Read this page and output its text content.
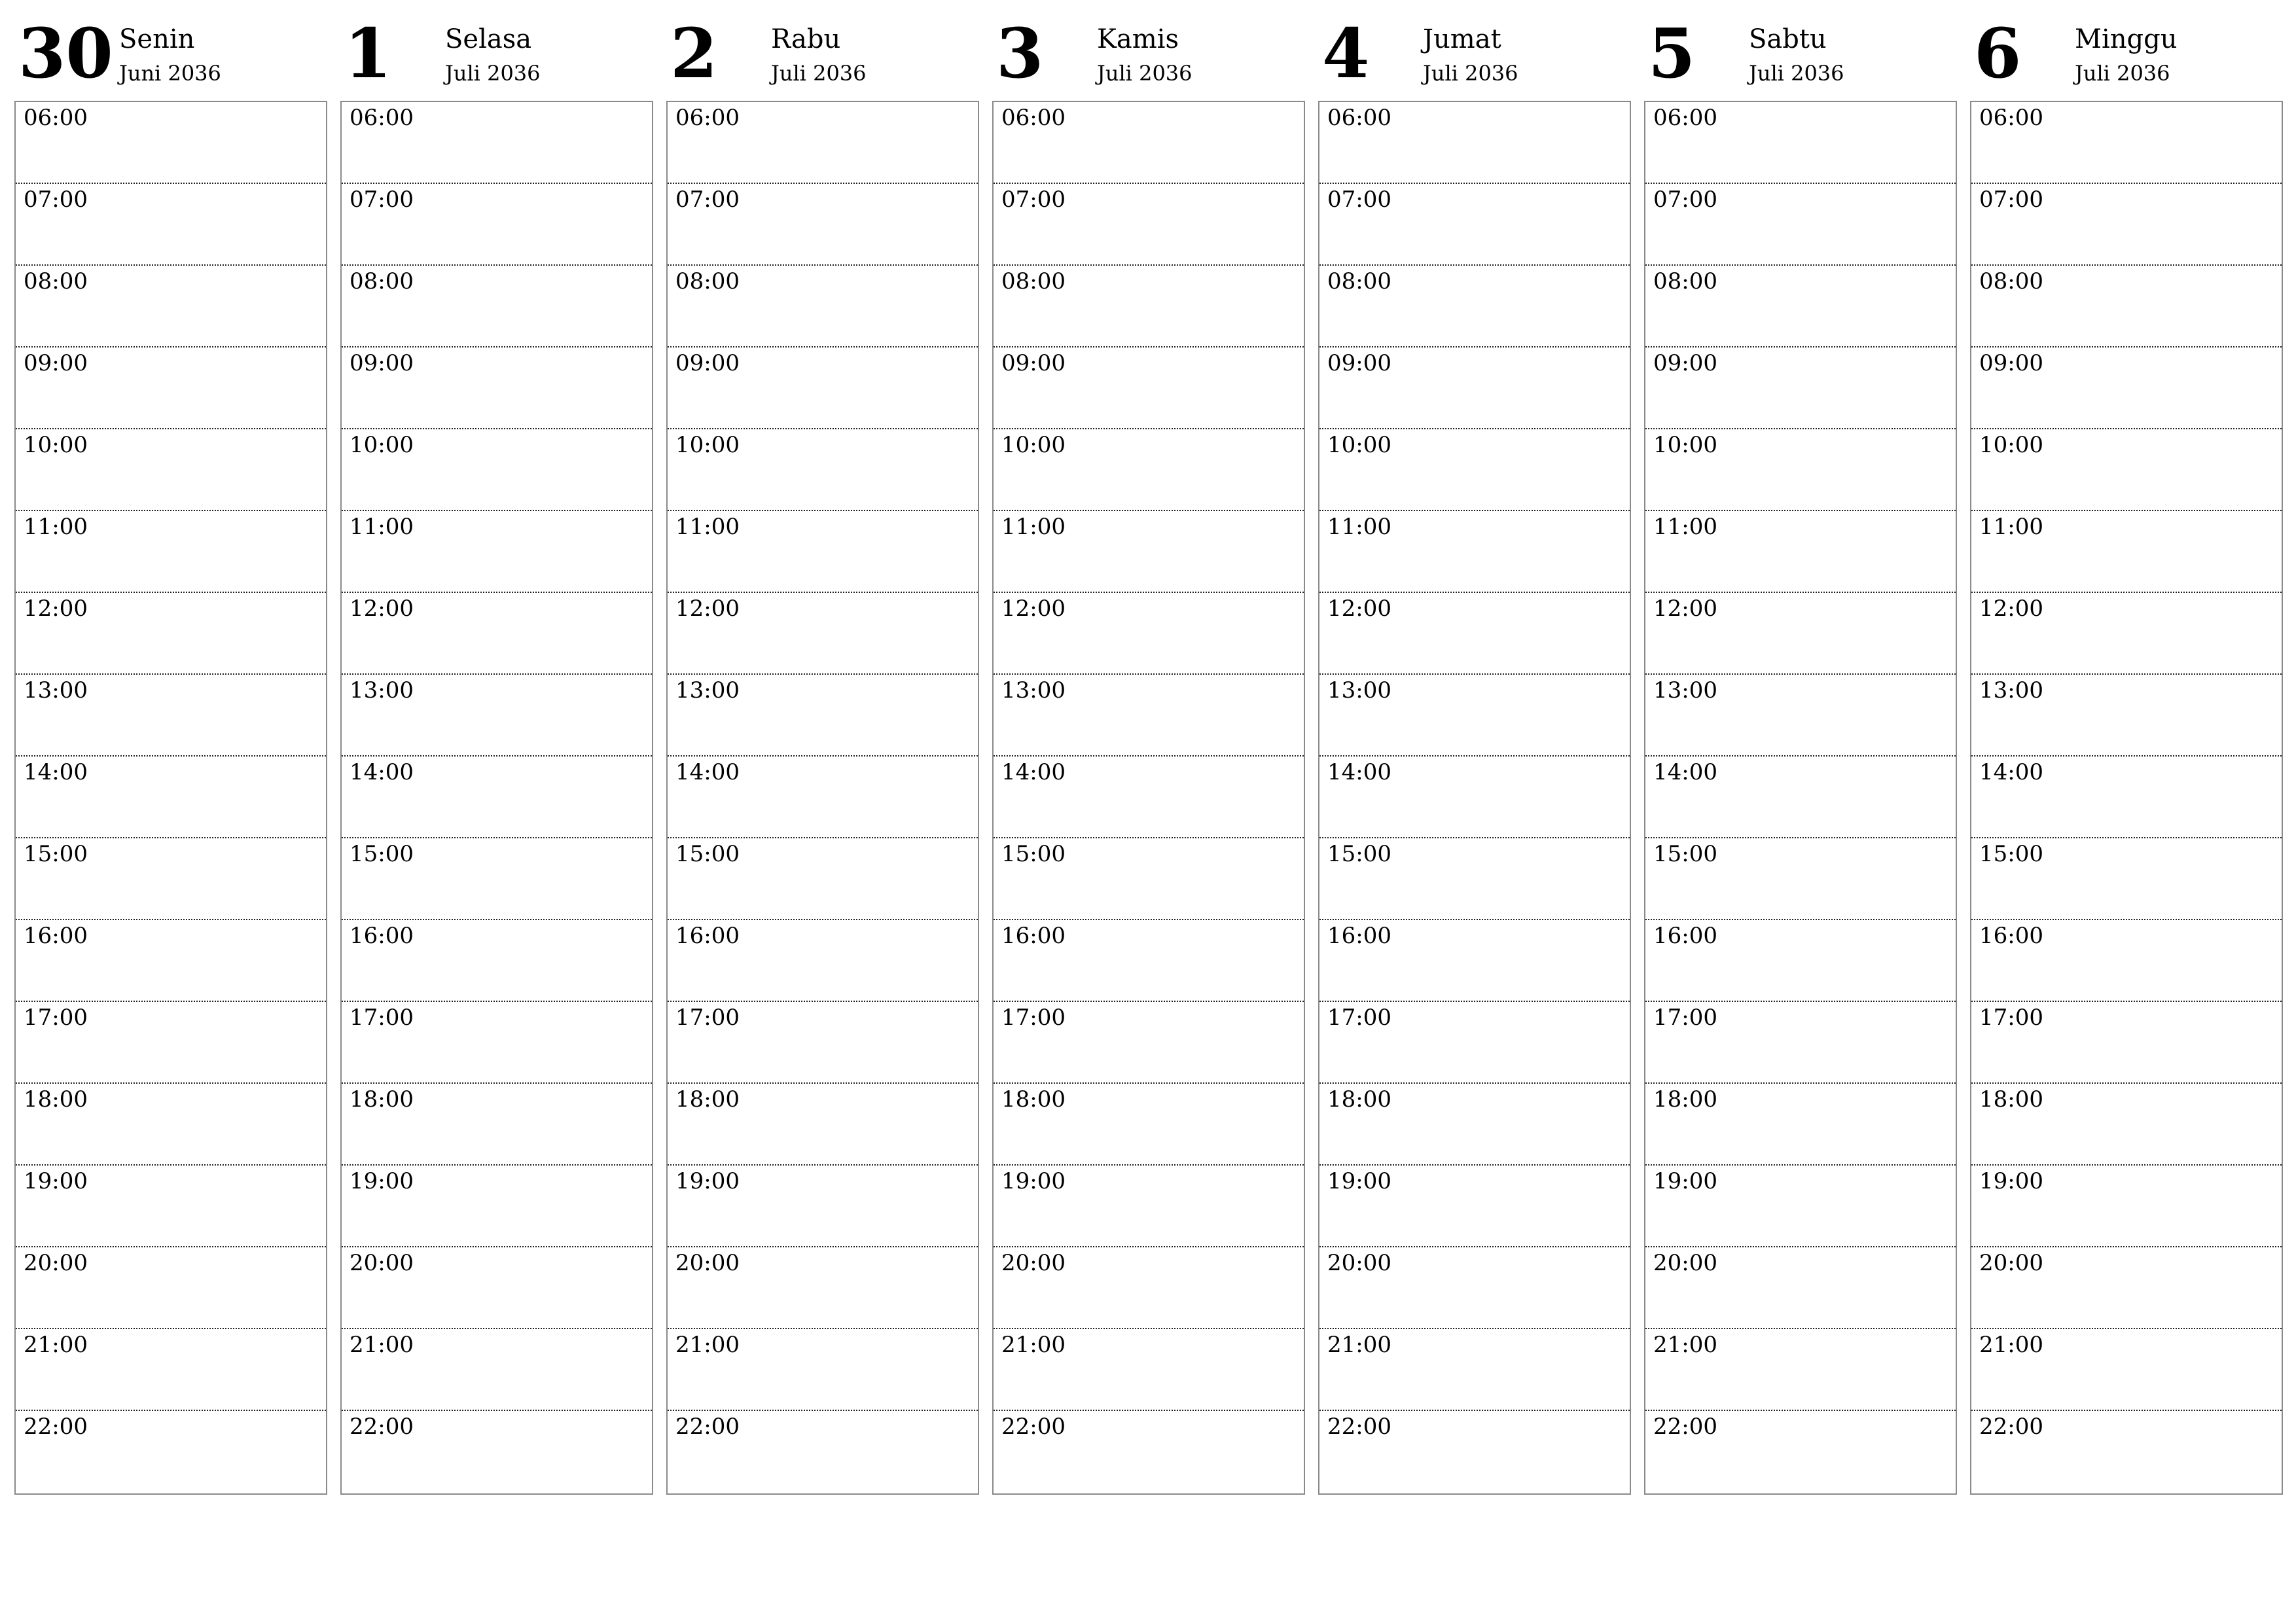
30 Senin
Juni 2036
06:00
07:00
08:00
09:00
10:00
11:00
12:00
13:00
14:00
15:00
16:00
17:00
18:00
19:00
20:00
21:00
22:00
1 Selasa
Juli 2036
06:00
07:00
08:00
09:00
10:00
11:00
12:00
13:00
14:00
15:00
16:00
17:00
18:00
19:00
20:00
21:00
22:00
2 Rabu
Juli 2036
06:00
07:00
08:00
09:00
10:00
11:00
12:00
13:00
14:00
15:00
16:00
17:00
18:00
19:00
20:00
21:00
22:00
3 Kamis
Juli 2036
06:00
07:00
08:00
09:00
10:00
11:00
12:00
13:00
14:00
15:00
16:00
17:00
18:00
19:00
20:00
21:00
22:00
4 Jumat
Juli 2036
06:00
07:00
08:00
09:00
10:00
11:00
12:00
13:00
14:00
15:00
16:00
17:00
18:00
19:00
20:00
21:00
22:00
5 Sabtu
Juli 2036
06:00
07:00
08:00
09:00
10:00
11:00
12:00
13:00
14:00
15:00
16:00
17:00
18:00
19:00
20:00
21:00
22:00
6 Minggu
Juli 2036
06:00
07:00
08:00
09:00
10:00
11:00
12:00
13:00
14:00
15:00
16:00
17:00
18:00
19:00
20:00
21:00
22:00
